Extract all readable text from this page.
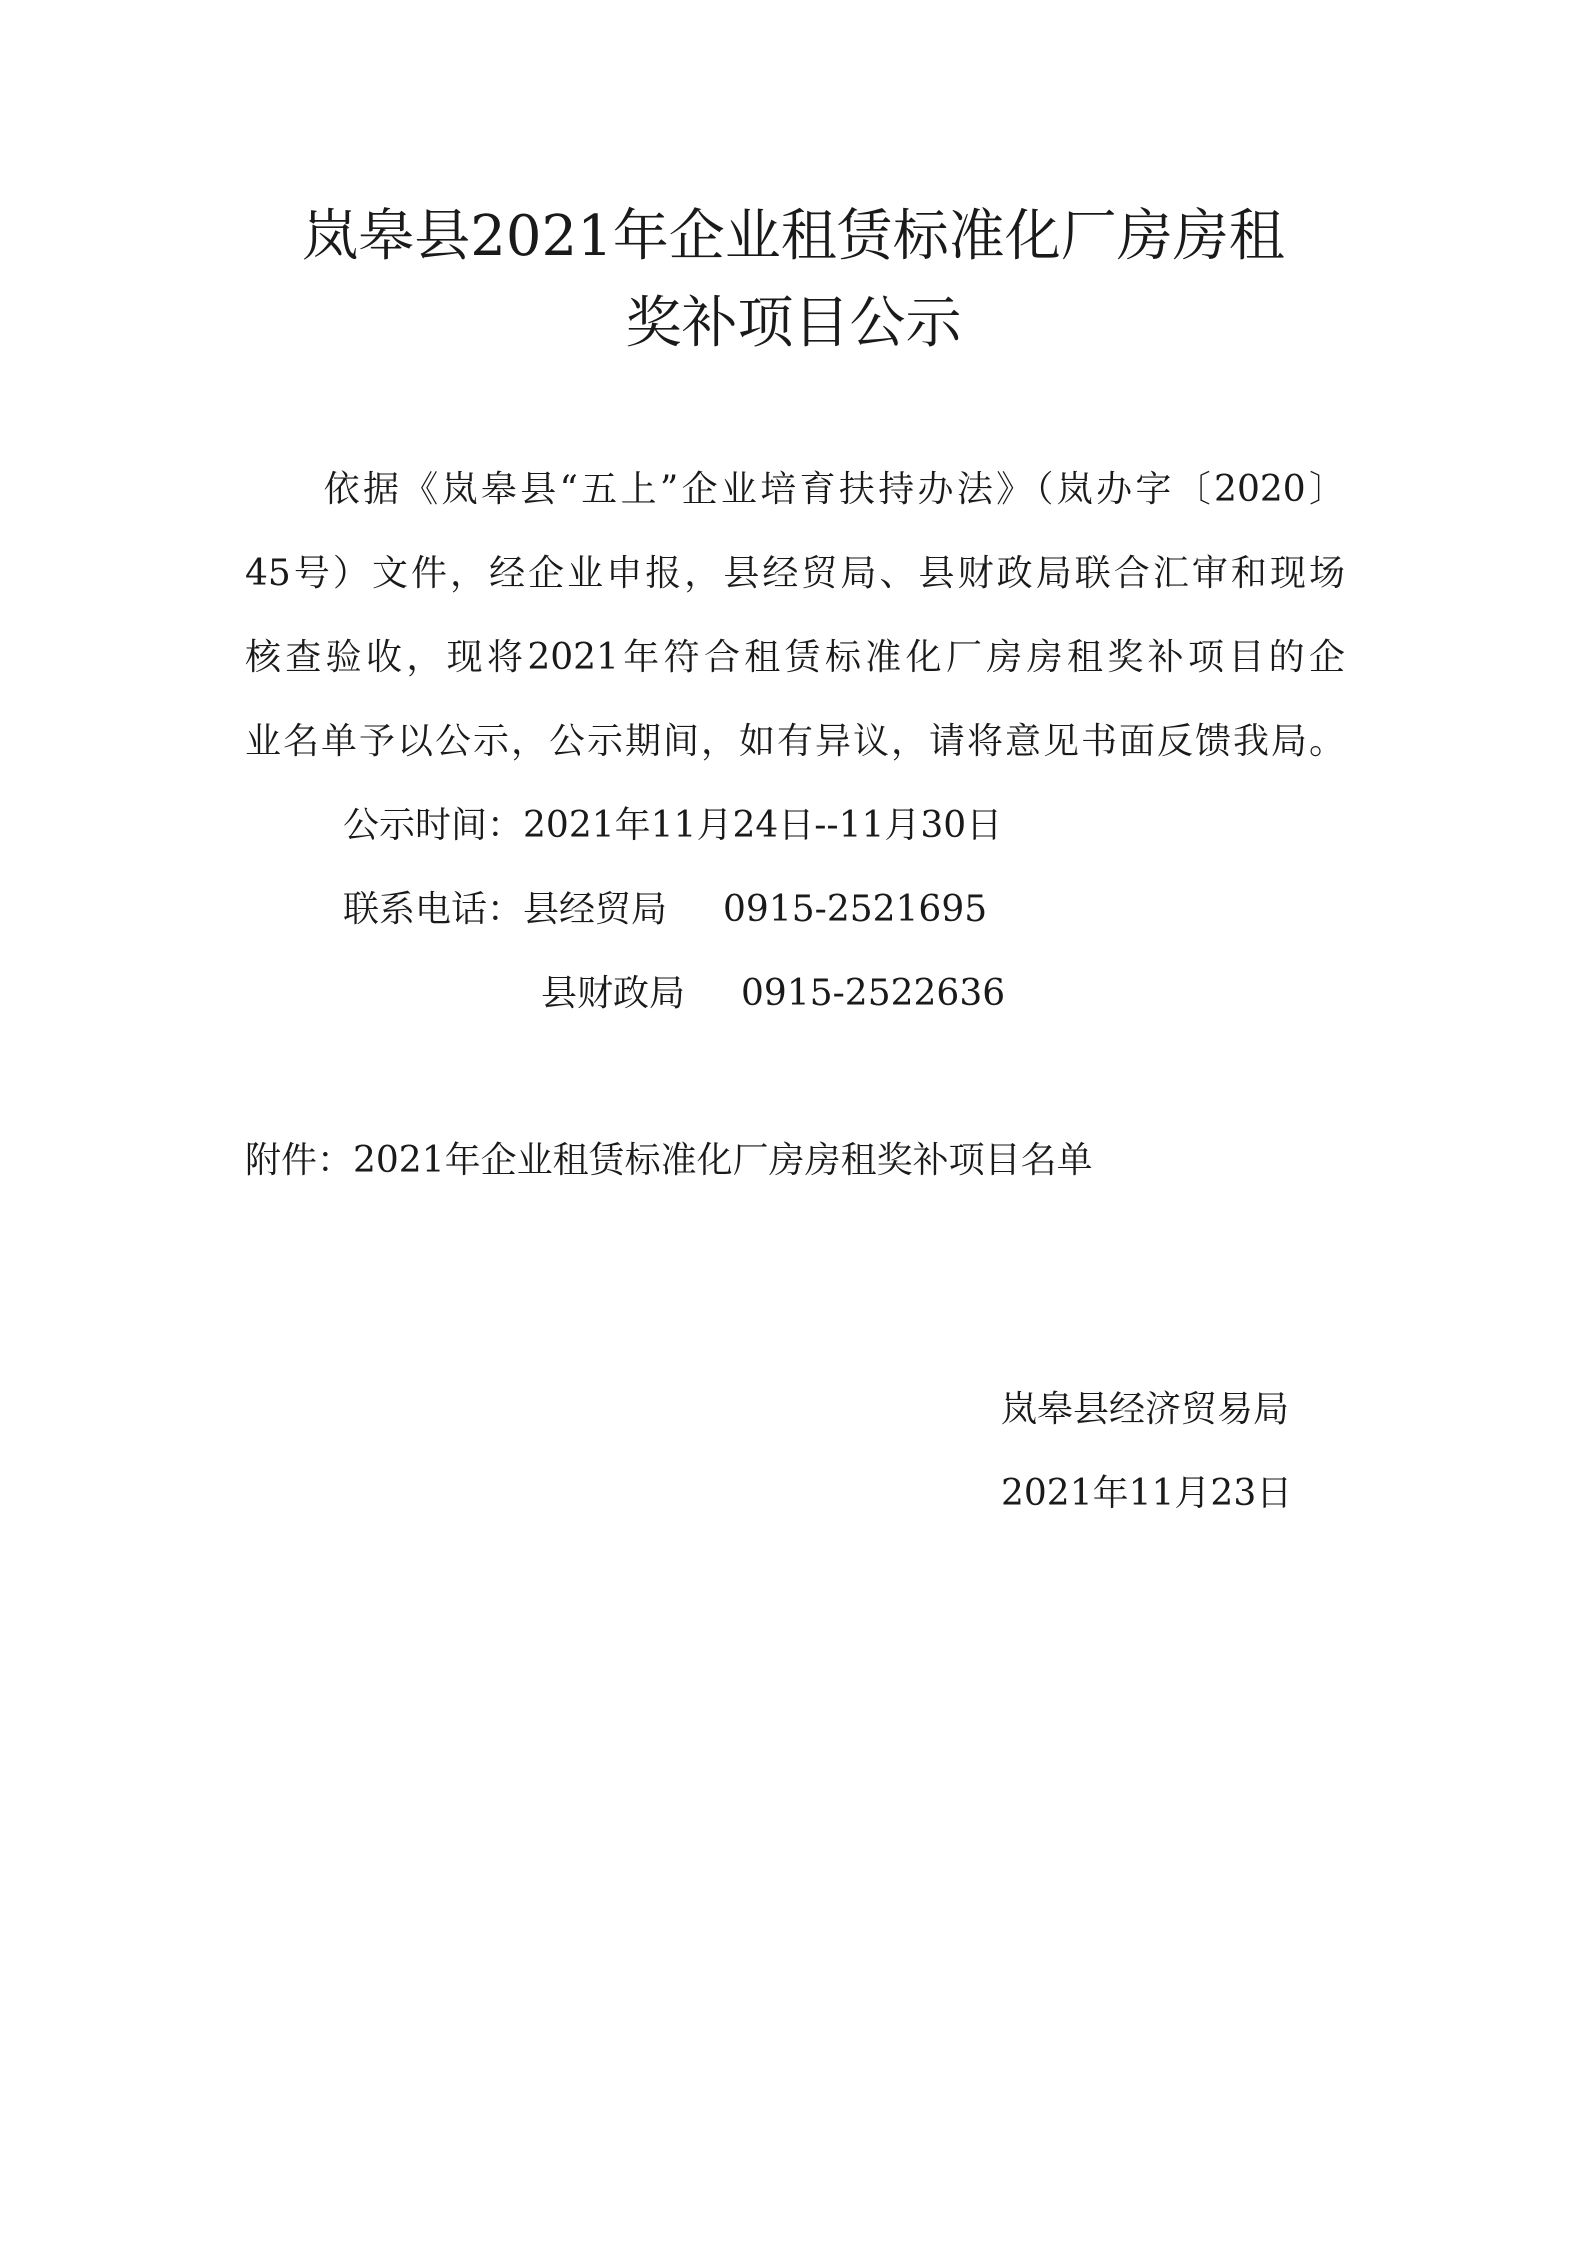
岚皋县2021年企业租赁标准化厂房房租
奖补项目公示
　　依据《岚皋县“五上”企业培育扶持办法》（岚办字〔2020〕
45号）文件，经企业申报，县经贸局、县财政局联合汇审和现场
核查验收，现将2021年符合租赁标准化厂房房租奖补项目的企
业名单予以公示，公示期间，如有异议，请将意见书面反馈我局。
公示时间：2021年11月24日--11月30日
联系电话：县经贸局 0915-2521695
县财政局 0915-2522636
附件：2021年企业租赁标准化厂房房租奖补项目名单
岚皋县经济贸易局
2021年11月23日
